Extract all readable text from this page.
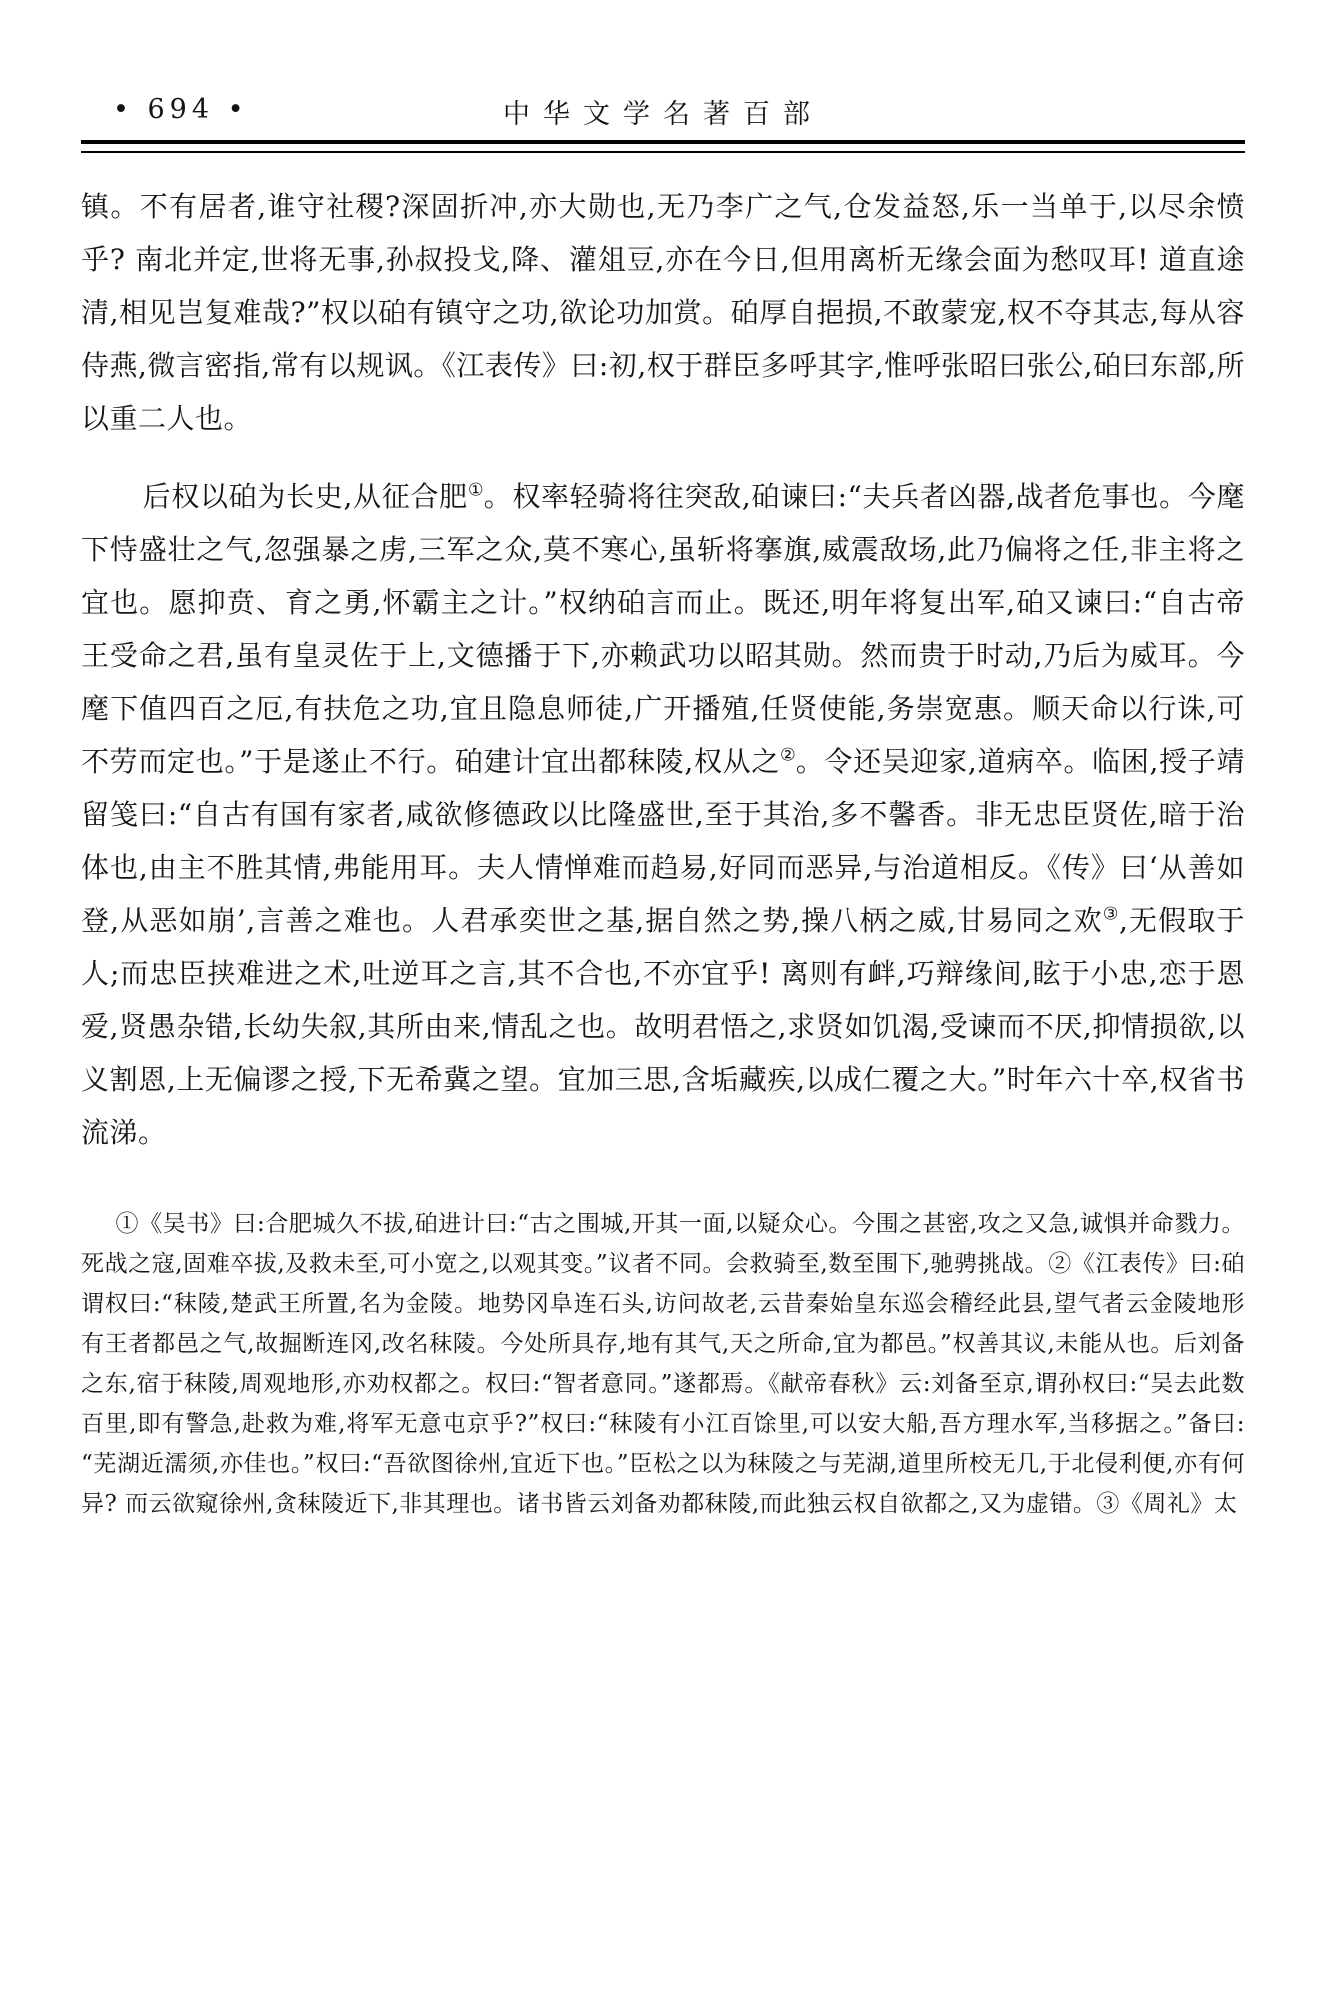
• 694 •	中华文学名著百部

镇。不有居者,谁守社稷?深固折冲,亦大勋也,无乃李广之气,仓发益怒,乐一当单于,以尽余愤乎? 南北并定,世将无事,孙叔投戈,降、灌俎豆,亦在今日,但用离析无缘会面为愁叹耳! 道直途清,相见岂复难哉?”权以砶有镇守之功,欲论功加赏。砶厚自挹损,不敢蒙宠,权不夺其志,每从容侍燕,微言密指,常有以规讽。《江表传》曰:初,权于群臣多呼其字,惟呼张昭曰张公,砶曰东部,所以重二人也。

后权以砶为长史,从征合肥①。权率轻骑将往突敌,砶谏曰:“夫兵者凶器,战者危事也。今麾下恃盛壮之气,忽强暴之虏,三军之众,莫不寒心,虽斩将搴旗,威震敌场,此乃偏将之任,非主将之宜也。愿抑贲、育之勇,怀霸主之计。”权纳砶言而止。既还,明年将复出军,砶又谏曰:“自古帝王受命之君,虽有皇灵佐于上,文德播于下,亦赖武功以昭其勋。然而贵于时动,乃后为威耳。今麾下值四百之厄,有扶危之功,宜且隐息师徒,广开播殖,任贤使能,务崇宽惠。顺天命以行诛,可不劳而定也。”于是遂止不行。砶建计宜出都秣陵,权从之②。令还吴迎家,道病卒。临困,授子靖留笺曰:“自古有国有家者,咸欲修德政以比隆盛世,至于其治,多不馨香。非无忠臣贤佐,暗于治体也,由主不胜其情,弗能用耳。夫人情惮难而趋易,好同而恶异,与治道相反。《传》曰‘从善如登,从恶如崩’,言善之难也。人君承奕世之基,据自然之势,操八柄之威,甘易同之欢③,无假取于人;而忠臣挟难进之术,吐逆耳之言,其不合也,不亦宜乎! 离则有衅,巧辩缘间,眩于小忠,恋于恩爱,贤愚杂错,长幼失叙,其所由来,情乱之也。故明君悟之,求贤如饥渴,受谏而不厌,抑情损欲,以义割恩,上无偏谬之授,下无希冀之望。宜加三思,含垢藏疾,以成仁覆之大。”时年六十卒,权省书流涕。

①《吴书》曰:合肥城久不拔,砶进计曰:“古之围城,开其一面,以疑众心。今围之甚密,攻之又急,诚惧并命戮力。死战之寇,固难卒拔,及救未至,可小宽之,以观其变。”议者不同。会救骑至,数至围下,驰骋挑战。②《江表传》曰:砶谓权曰:“秣陵,楚武王所置,名为金陵。地势冈阜连石头,访问故老,云昔秦始皇东巡会稽经此县,望气者云金陵地形有王者都邑之气,故掘断连冈,改名秣陵。今处所具存,地有其气,天之所命,宜为都邑。”权善其议,未能从也。后刘备之东,宿于秣陵,周观地形,亦劝权都之。权曰:“智者意同。”遂都焉。《献帝春秋》云:刘备至京,谓孙权曰:“吴去此数百里,即有警急,赴救为难,将军无意屯京乎?”权曰:“秣陵有小江百馀里,可以安大船,吾方理水军,当移据之。”备曰:“芜湖近濡须,亦佳也。”权曰:“吾欲图徐州,宜近下也。”臣松之以为秣陵之与芜湖,道里所校无几,于北侵利便,亦有何异? 而云欲窥徐州,贪秣陵近下,非其理也。诸书皆云刘备劝都秣陵,而此独云权自欲都之,又为虚错。③《周礼》太
